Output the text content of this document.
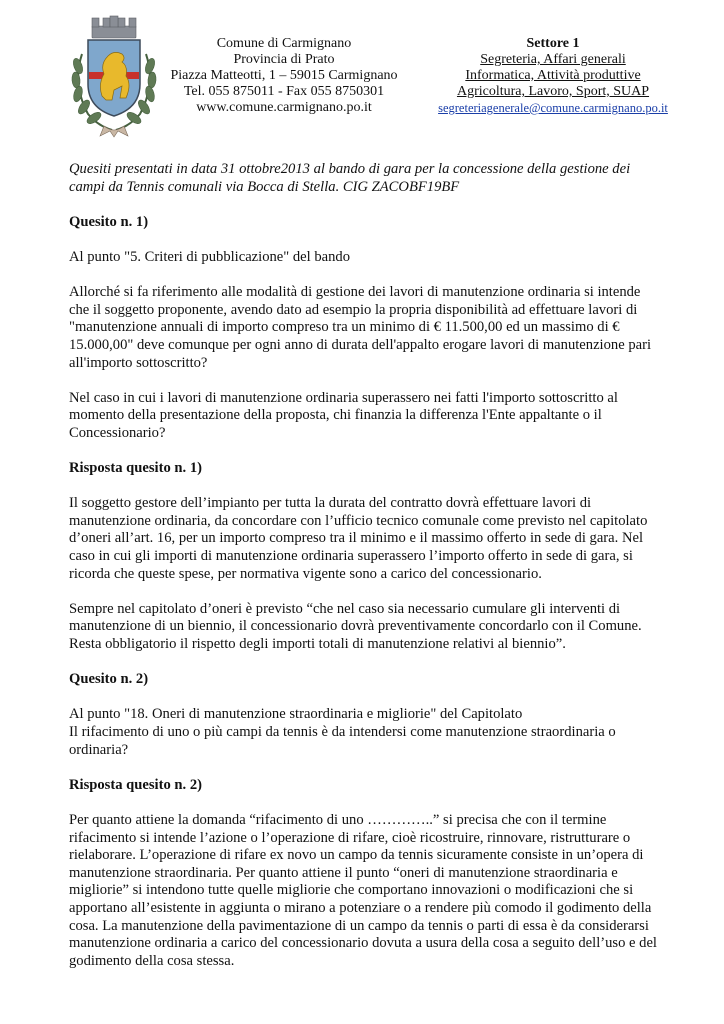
Comune di Carmignano
Provincia di Prato
Piazza Matteotti, 1 – 59015 Carmignano
Tel. 055 875011 - Fax 055 8750301
www.comune.carmignano.po.it
Settore 1
Segreteria, Affari generali
Informatica, Attività produttive
Agricoltura, Lavoro, Sport, SUAP
segreteriagenerale@comune.carmignano.po.it

Quesiti presentati in data 31 ottobre2013 al bando di gara per la concessione della gestione dei campi da Tennis comunali via Bocca di Stella. CIG ZACOBF19BF

Quesito n. 1)

Al punto "5. Criteri di pubblicazione" del bando

Allorché si fa riferimento alle modalità di gestione dei lavori di manutenzione ordinaria si intende che il soggetto proponente, avendo dato ad esempio la propria disponibilità ad effettuare lavori di "manutenzione annuali di importo compreso tra un minimo di € 11.500,00 ed un massimo di € 15.000,00" deve comunque per ogni anno di durata dell'appalto erogare lavori di manutenzione pari all'importo sottoscritto?

Nel caso in cui i lavori di manutenzione ordinaria superassero nei fatti l'importo sottoscritto al momento della presentazione della proposta, chi finanzia la differenza l'Ente appaltante o il Concessionario?

Risposta quesito n. 1)

Il soggetto gestore dell’impianto per tutta la durata del contratto dovrà effettuare lavori di manutenzione ordinaria, da concordare con l’ufficio tecnico comunale come previsto nel capitolato d’oneri all’art. 16, per un importo compreso tra il minimo e il massimo offerto in sede di gara. Nel caso in cui gli importi di manutenzione ordinaria superassero l’importo offerto in sede di gara, si ricorda che queste spese, per normativa vigente sono a carico del concessionario.

Sempre nel capitolato d’oneri è previsto “che nel caso sia necessario cumulare gli interventi di manutenzione di un biennio, il concessionario dovrà preventivamente concordarlo con il Comune. Resta obbligatorio il rispetto degli importi totali di manutenzione relativi al biennio”.

Quesito n. 2)

Al punto "18. Oneri di manutenzione straordinaria e migliorie" del Capitolato
Il rifacimento di uno o più campi da tennis è da intendersi come manutenzione straordinaria o ordinaria?

Risposta quesito n. 2)

Per quanto attiene la domanda “rifacimento di uno …………..” si precisa che con il termine rifacimento si intende l’azione o l’operazione di rifare, cioè ricostruire, rinnovare, ristrutturare o rielaborare. L’operazione di rifare ex novo un campo da tennis sicuramente consiste in un’opera di manutenzione straordinaria. Per quanto attiene il punto “oneri di manutenzione straordinaria e migliorie” si intendono tutte quelle migliorie che comportano innovazioni o modificazioni che si apportano all’esistente in aggiunta o mirano a potenziare o a rendere più comodo il godimento della cosa. La manutenzione della pavimentazione di un campo da tennis o parti di essa è da considerarsi manutenzione ordinaria a carico del concessionario dovuta a usura della cosa a seguito dell’uso e del godimento della cosa stessa.
